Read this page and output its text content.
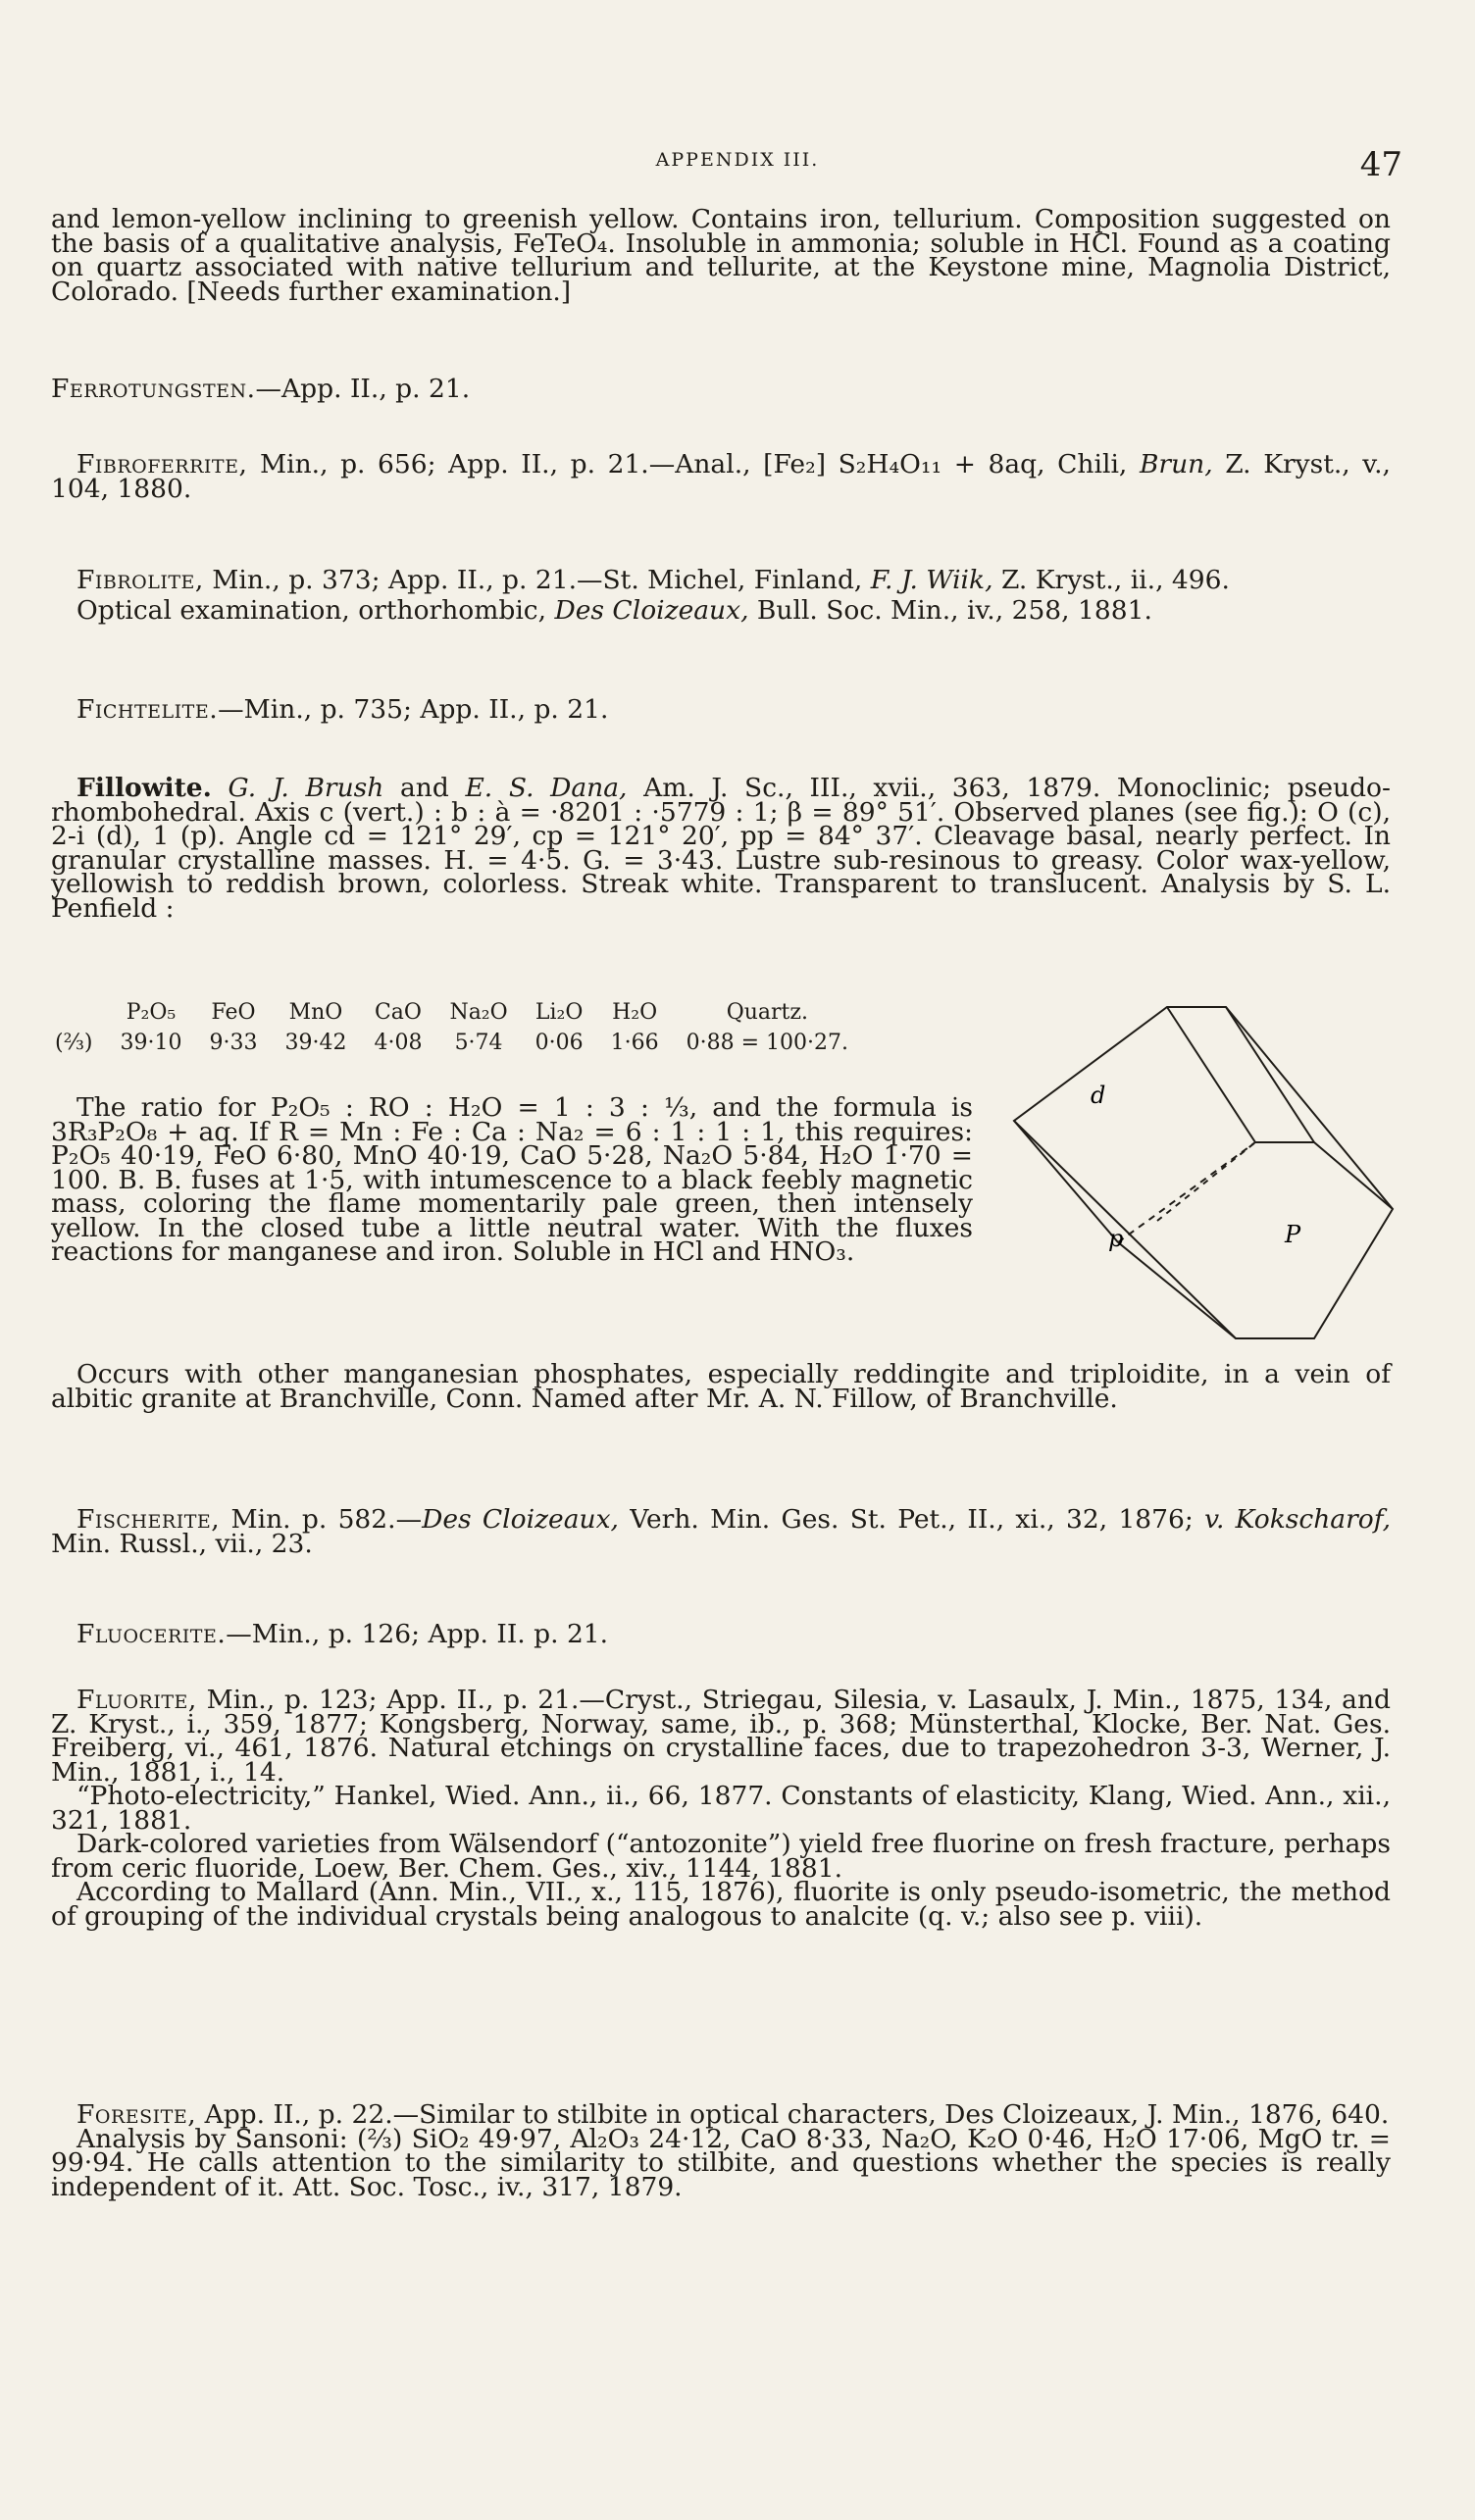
APPENDIX III.	47
and lemon-yellow inclining to greenish yellow. Contains iron, tellurium. Composition suggested on the basis of a qualitative analysis, FeTeO₄. Insoluble in ammonia; soluble in HCl. Found as a coating on quartz associated with native tellurium and tellurite, at the Keystone mine, Magnolia District, Colorado. [Needs further examination.]
Ferrotungsten.—App. II., p. 21.
Fibroferrite, Min., p. 656; App. II., p. 21.—Anal., [Fe₂] S₂H₄O₁₁ + 8aq, Chili, Brun, Z. Kryst., v., 104, 1880.
Fibrolite, Min., p. 373; App. II., p. 21.—St. Michel, Finland, F. J. Wiik, Z. Kryst., ii., 496.
Optical examination, orthorhombic, Des Cloizeaux, Bull. Soc. Min., iv., 258, 1881.
Fichtelite.—Min., p. 735; App. II., p. 21.
Fillowite. G. J. Brush and E. S. Dana, Am. J. Sc., III., xvii., 363, 1879. Monoclinic; pseudo-rhombohedral. Axis c (vert.) : b : à = ·8201 : ·5779 : 1; β = 89° 51′. Observed planes (see fig.): O (c), 2-i (d), 1 (p). Angle cd = 121° 29′, cp = 121° 20′, pp = 84° 37′. Cleavage basal, nearly perfect. In granular crystalline masses. H. = 4·5. G. = 3·43. Lustre sub-resinous to greasy. Color wax-yellow, yellowish to reddish brown, colorless. Streak white. Transparent to translucent. Analysis by S. L. Penfield :
	P₂O₅	FeO	MnO	CaO	Na₂O	Li₂O	H₂O	Quartz.
(⅔)	39·10	9·33	39·42	4·08	5·74	0·06	1·66	0·88 = 100·27.
d
p	P
The ratio for P₂O₅ : RO : H₂O = 1 : 3 : ⅓, and the formula is 3R₃P₂O₈ + aq. If R = Mn : Fe : Ca : Na₂ = 6 : 1 : 1 : 1, this requires: P₂O₅ 40·19, FeO 6·80, MnO 40·19, CaO 5·28, Na₂O 5·84, H₂O 1·70 = 100. B. B. fuses at 1·5, with intumescence to a black feebly magnetic mass, coloring the flame momentarily pale green, then intensely yellow. In the closed tube a little neutral water. With the fluxes reactions for manganese and iron. Soluble in HCl and HNO₃.
Occurs with other manganesian phosphates, especially reddingite and triploidite, in a vein of albitic granite at Branchville, Conn. Named after Mr. A. N. Fillow, of Branchville.
Fischerite, Min. p. 582.—Des Cloizeaux, Verh. Min. Ges. St. Pet., II., xi., 32, 1876; v. Kokscharof, Min. Russl., vii., 23.
Fluocerite.—Min., p. 126; App. II. p. 21.
Fluorite, Min., p. 123; App. II., p. 21.—Cryst., Striegau, Silesia, v. Lasaulx, J. Min., 1875, 134, and Z. Kryst., i., 359, 1877; Kongsberg, Norway, same, ib., p. 368; Münsterthal, Klocke, Ber. Nat. Ges. Freiberg, vi., 461, 1876. Natural etchings on crystalline faces, due to trapezohedron 3-3, Werner, J. Min., 1881, i., 14.
“Photo-electricity,” Hankel, Wied. Ann., ii., 66, 1877. Constants of elasticity, Klang, Wied. Ann., xii., 321, 1881.
Dark-colored varieties from Wälsendorf (“antozonite”) yield free fluorine on fresh fracture, perhaps from ceric fluoride, Loew, Ber. Chem. Ges., xiv., 1144, 1881.
According to Mallard (Ann. Min., VII., x., 115, 1876), fluorite is only pseudo-isometric, the method of grouping of the individual crystals being analogous to analcite (q. v.; also see p. viii).
Foresite, App. II., p. 22.—Similar to stilbite in optical characters, Des Cloizeaux, J. Min., 1876, 640.
Analysis by Sansoni: (⅔) SiO₂ 49·97, Al₂O₃ 24·12, CaO 8·33, Na₂O, K₂O 0·46, H₂O 17·06, MgO tr. = 99·94. He calls attention to the similarity to stilbite, and questions whether the species is really independent of it. Att. Soc. Tosc., iv., 317, 1879.
